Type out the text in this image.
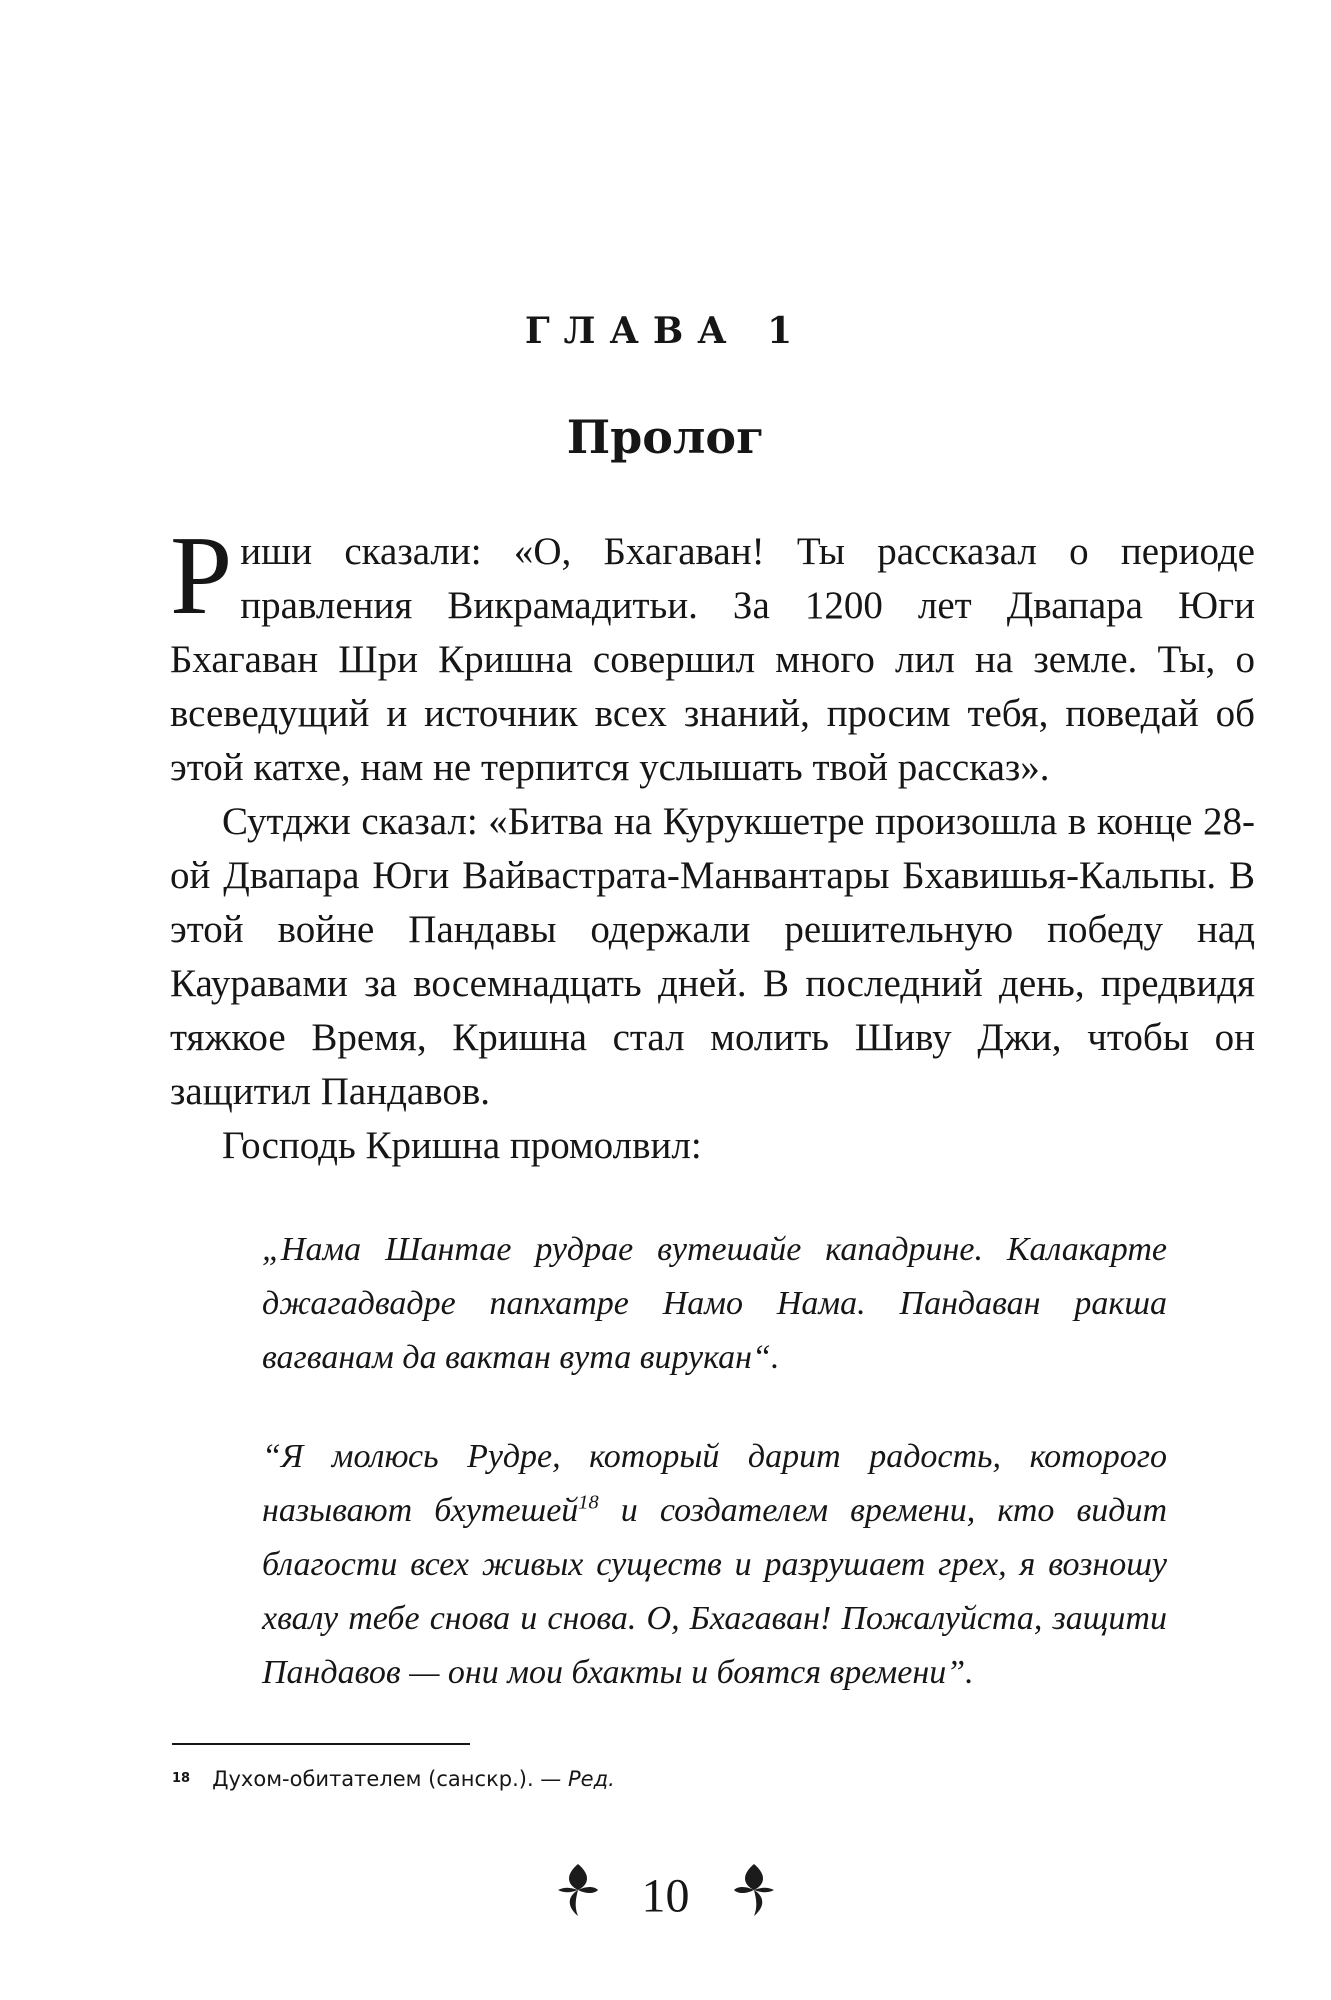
ГЛАВА 1
Пролог

Риши сказали: «О, Бхагаван! Ты рассказал о периоде правления Викрамадитьи. За 1200 лет Двапара Юги Бхагаван Шри Кришна совершил много лил на земле. Ты, о всеведущий и источник всех знаний, просим тебя, поведай об этой катхе, нам не терпится услышать твой рассказ».

Сутджи сказал: «Битва на Курукшетре произошла в конце 28-ой Двапара Юги Вайвастрата-Манвантары Бхавишья-Кальпы. В этой войне Пандавы одержали решительную победу над Кауравами за восемнадцать дней. В последний день, предвидя тяжкое Время, Кришна стал молить Шиву Джи, чтобы он защитил Пандавов.

Господь Кришна промолвил:

„Нама Шантае рудрае вутешайе кападрине. Калакарте джагадвадре папхатре Намо Нама. Пандаван ракша вагванам да вактан вута вирукан“.
“Я молюсь Рудре, который дарит радость, которого называют бхутешей$^{18}$ и создателем времени, кто видит благости всех живых существ и разрушает грех, я возношу хвалу тебе снова и снова. О, Бхагаван! Пожалуйста, защити Пандавов — они мои бхакты и боятся времени”.
$^{18}$ Духом-обитателем (санскр.). — Ред.
10
